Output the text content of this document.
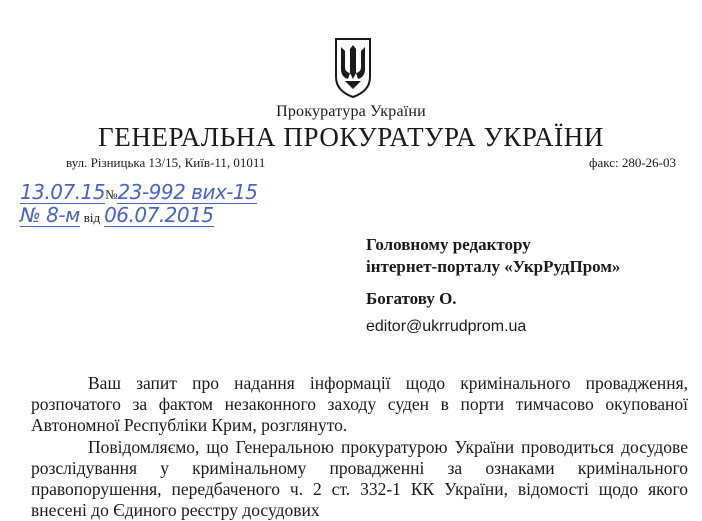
Прокуратура України
ГЕНЕРАЛЬНА ПРОКУРАТУРА УКРАЇНИ
вул. Різницька 13/15, Київ-11, 01011	факс: 280-26-03
13.07.15№23-992 вих-15
№ 8-м від 06.07.2015
Головному редактору
інтернет-порталу «УкрРудПром»
Богатову О.
editor@ukrrudprom.ua
Ваш запит про надання інформації щодо кримінального провадження, розпочатого за фактом незаконного заходу суден в порти тимчасово окупованої Автономної Республіки Крим, розглянуто.
Повідомляємо, що Генеральною прокуратурою України проводиться досудове розслідування у кримінальному провадженні за ознаками кримінального правопорушення, передбаченого ч. 2 ст. 332-1 КК України, відомості щодо якого внесені до Єдиного реєстру досудових
